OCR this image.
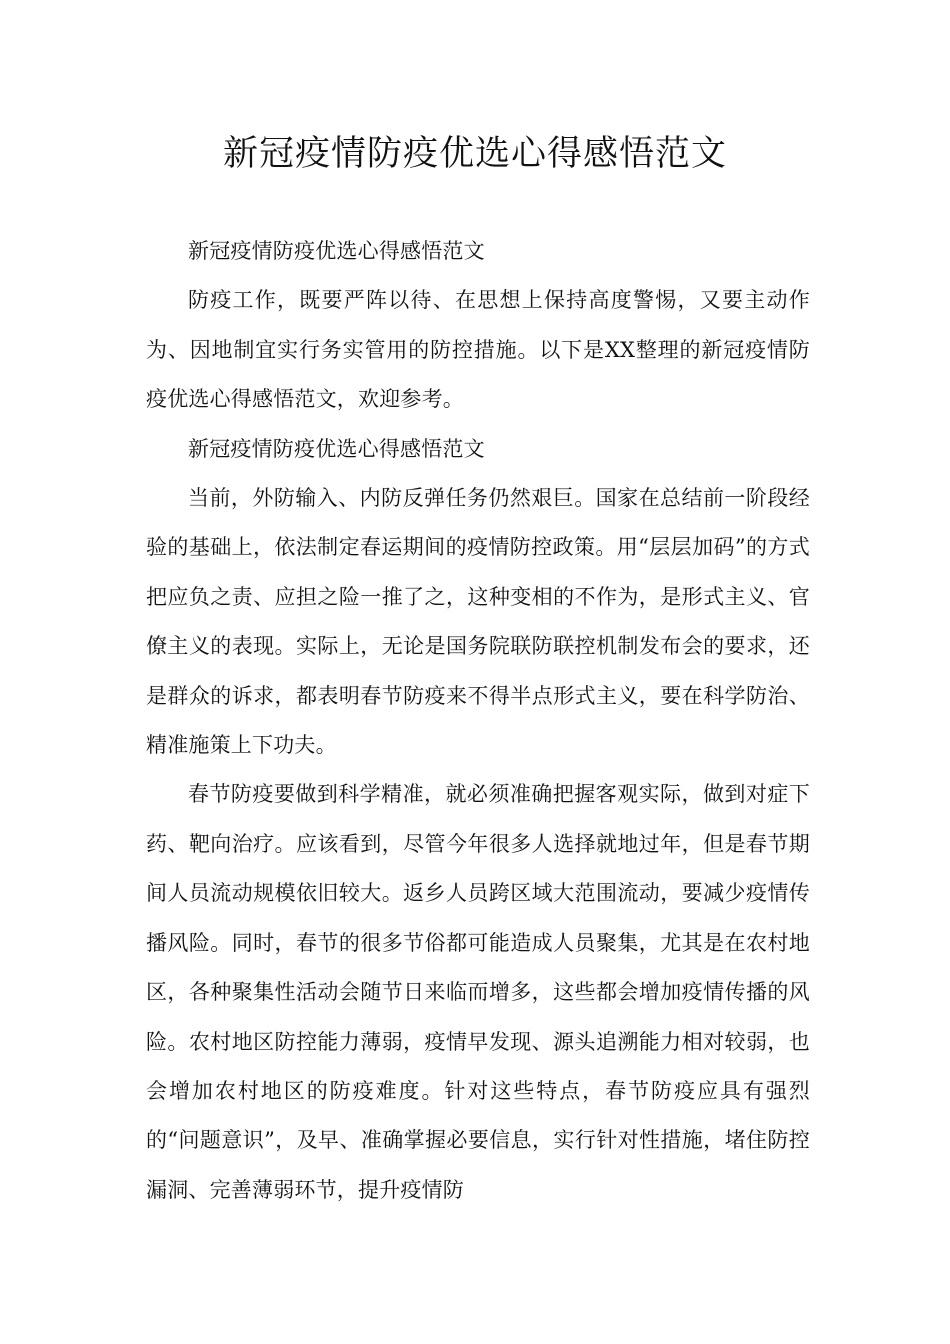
新冠疫情防疫优选心得感悟范文

新冠疫情防疫优选心得感悟范文

防疫工作，既要严阵以待、在思想上保持高度警惕，又要主动作为、因地制宜实行务实管用的防控措施。以下是XX整理的新冠疫情防疫优选心得感悟范文，欢迎参考。

新冠疫情防疫优选心得感悟范文

当前，外防输入、内防反弹任务仍然艰巨。国家在总结前一阶段经验的基础上，依法制定春运期间的疫情防控政策。用“层层加码”的方式把应负之责、应担之险一推了之，这种变相的不作为，是形式主义、官僚主义的表现。实际上，无论是国务院联防联控机制发布会的要求，还是群众的诉求，都表明春节防疫来不得半点形式主义，要在科学防治、精准施策上下功夫。

春节防疫要做到科学精准，就必须准确把握客观实际，做到对症下药、靶向治疗。应该看到，尽管今年很多人选择就地过年，但是春节期间人员流动规模依旧较大。返乡人员跨区域大范围流动，要减少疫情传播风险。同时，春节的很多节俗都可能造成人员聚集，尤其是在农村地区，各种聚集性活动会随节日来临而增多，这些都会增加疫情传播的风险。农村地区防控能力薄弱，疫情早发现、源头追溯能力相对较弱，也会增加农村地区的防疫难度。针对这些特点，春节防疫应具有强烈的“问题意识”，及早、准确掌握必要信息，实行针对性措施，堵住防控漏洞、完善薄弱环节，提升疫情防
